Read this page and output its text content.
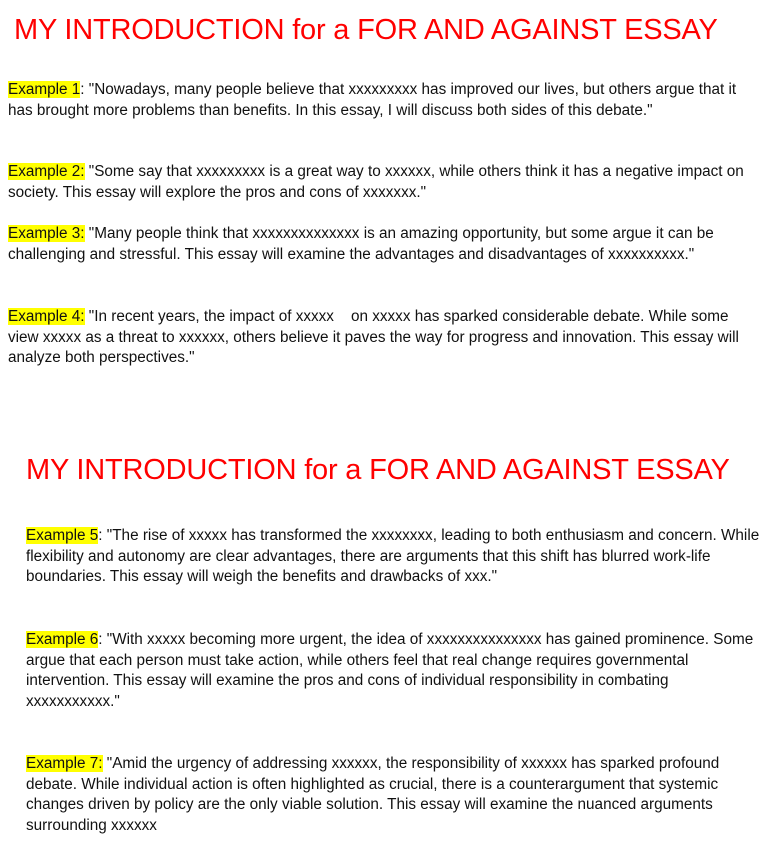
MY INTRODUCTION for a FOR AND AGAINST ESSAY
Example 1: "Nowadays, many people believe that xxxxxxxxx has improved our lives, but others argue that it has brought more problems than benefits. In this essay, I will discuss both sides of this debate."
Example 2: "Some say that xxxxxxxxx is a great way to xxxxxx, while others think it has a negative impact on society. This essay will explore the pros and cons of xxxxxxx."
Example 3: "Many people think that xxxxxxxxxxxxxx is an amazing opportunity, but some argue it can be challenging and stressful. This essay will examine the advantages and disadvantages of xxxxxxxxxx."
Example 4: "In recent years, the impact of xxxxx    on xxxxx has sparked considerable debate. While some view xxxxx as a threat to xxxxxx, others believe it paves the way for progress and innovation. This essay will analyze both perspectives."
MY INTRODUCTION for a FOR AND AGAINST ESSAY
Example 5: "The rise of xxxxx has transformed the xxxxxxxx, leading to both enthusiasm and concern. While flexibility and autonomy are clear advantages, there are arguments that this shift has blurred work-life boundaries. This essay will weigh the benefits and drawbacks of xxx."
Example 6: "With xxxxx becoming more urgent, the idea of xxxxxxxxxxxxxxx has gained prominence. Some argue that each person must take action, while others feel that real change requires governmental intervention. This essay will examine the pros and cons of individual responsibility in combating xxxxxxxxxxx."
Example 7: "Amid the urgency of addressing xxxxxx, the responsibility of xxxxxx has sparked profound debate. While individual action is often highlighted as crucial, there is a counterargument that systemic changes driven by policy are the only viable solution. This essay will examine the nuanced arguments surrounding xxxxxx
